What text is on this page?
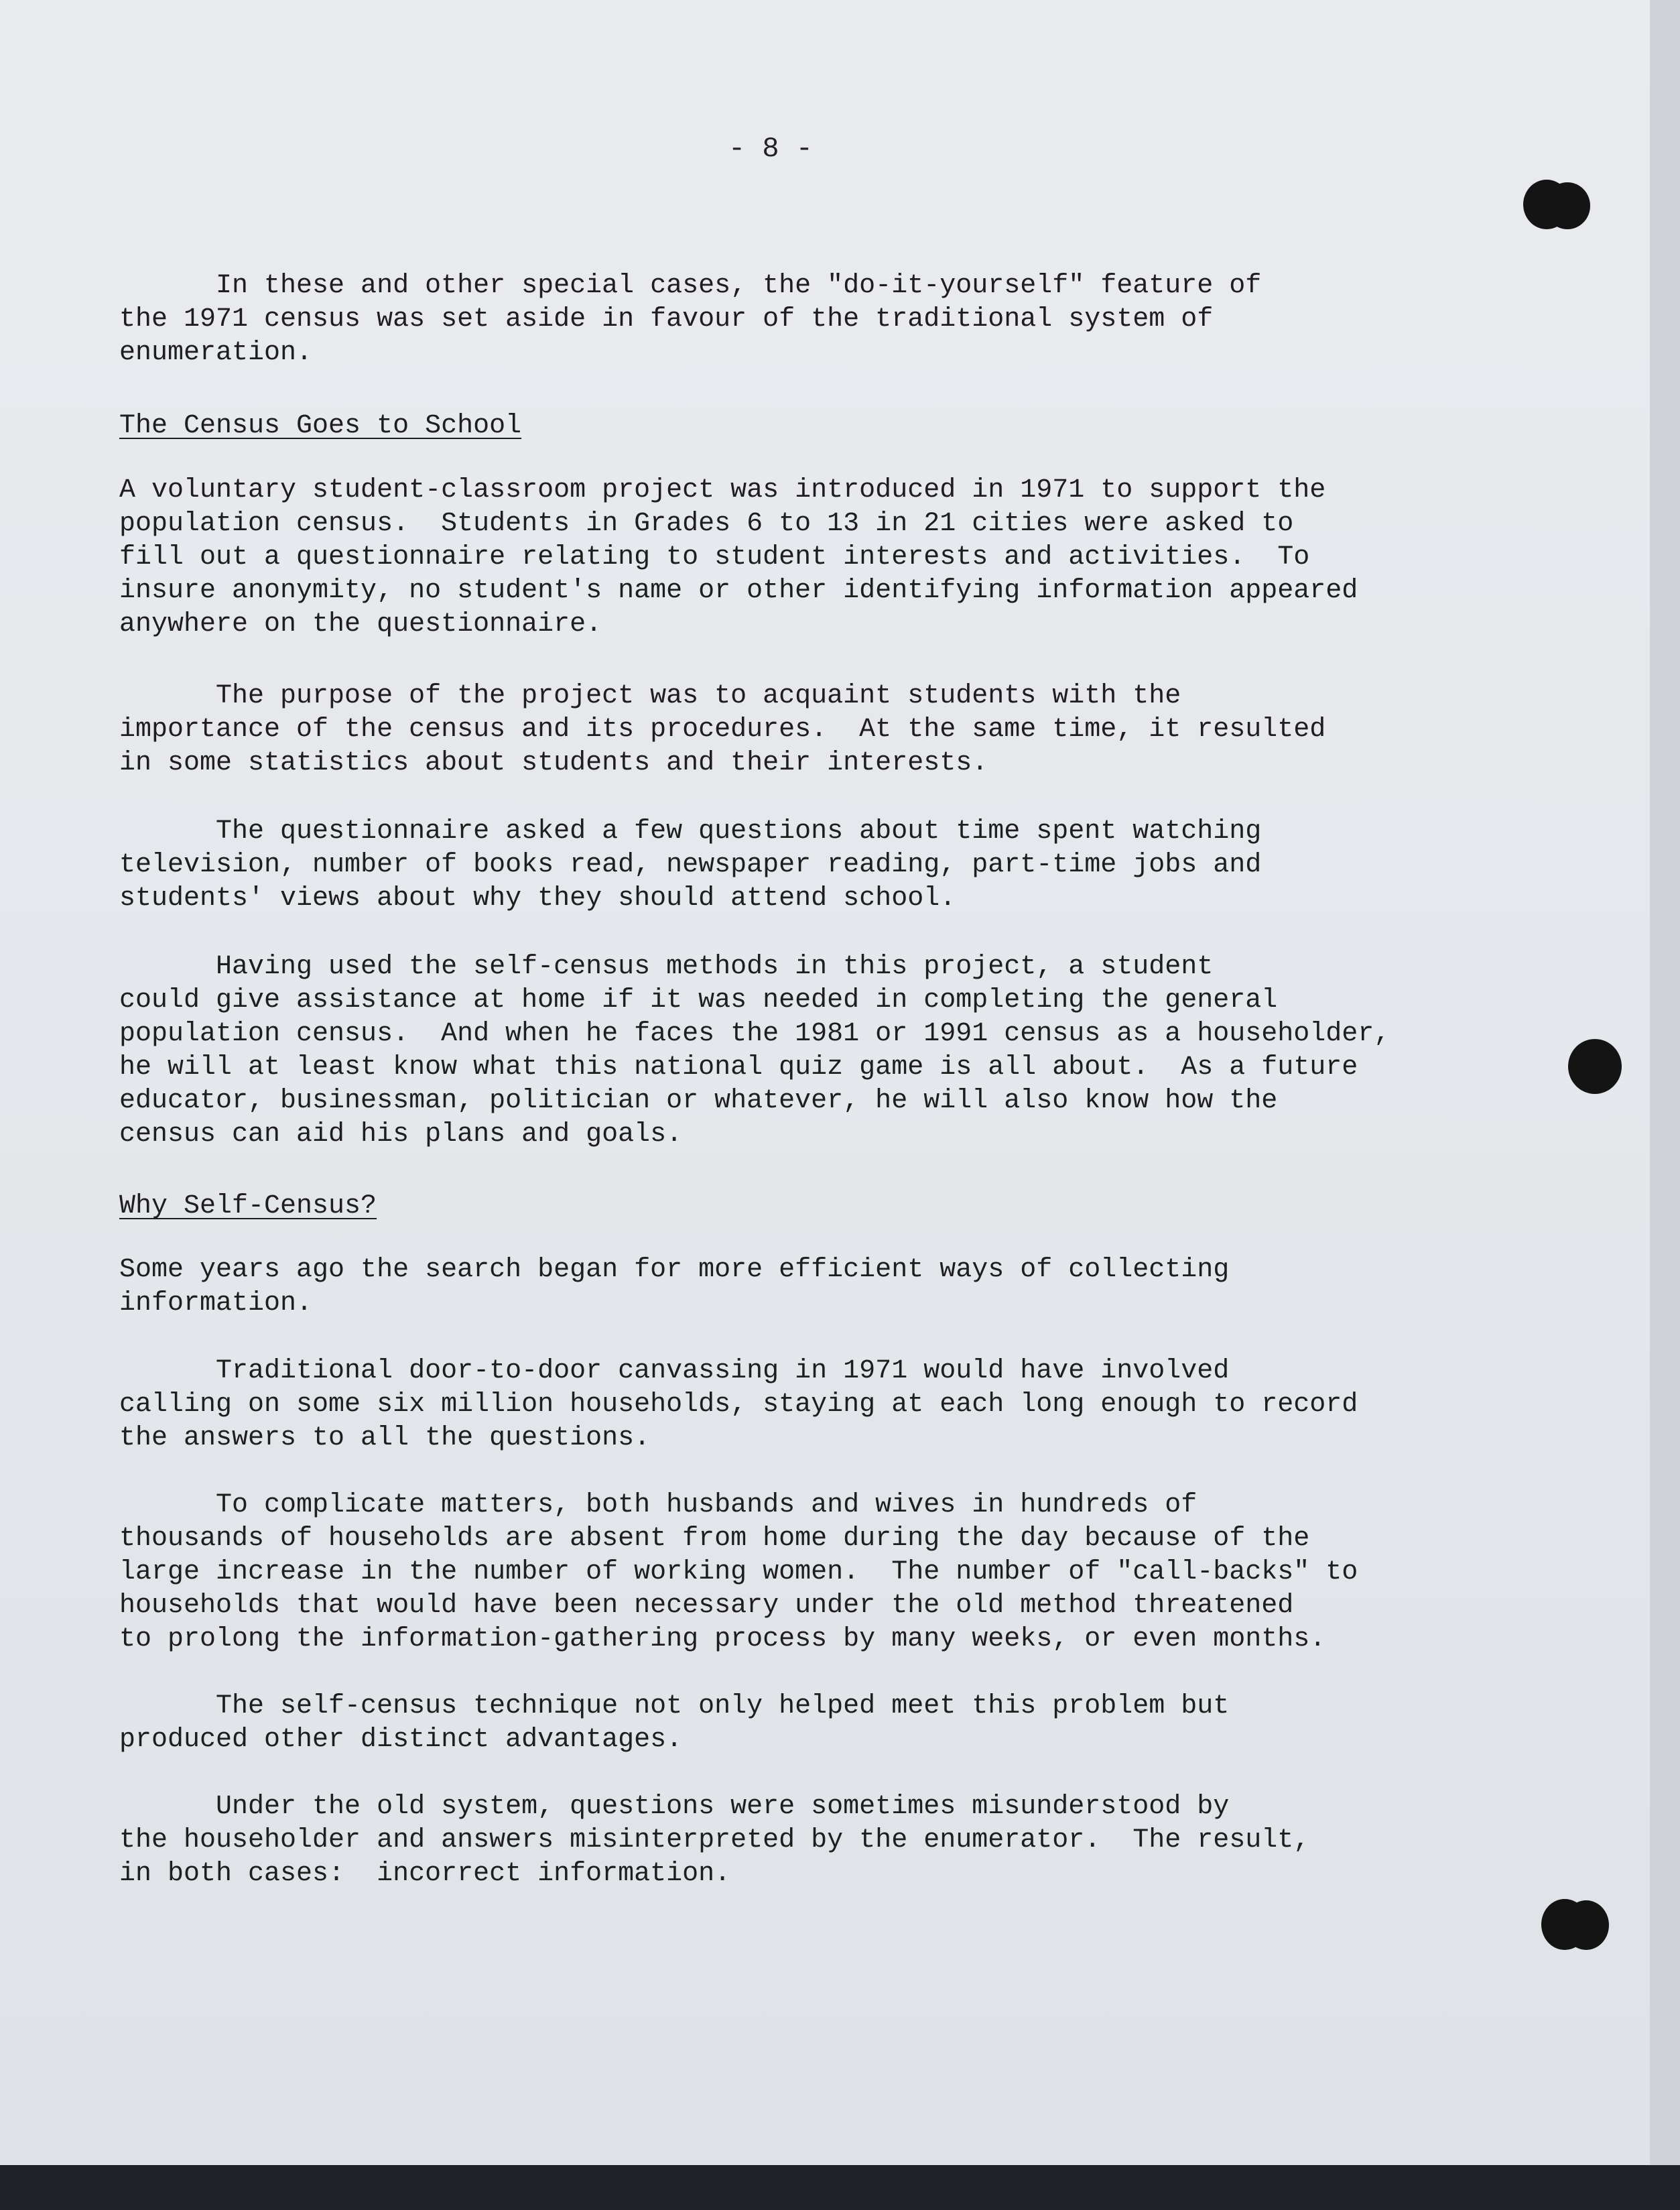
- 8 -

In these and other special cases, the "do-it-yourself" feature of
the 1971 census was set aside in favour of the traditional system of
enumeration.

The Census Goes to School

A voluntary student-classroom project was introduced in 1971 to support the
population census.  Students in Grades 6 to 13 in 21 cities were asked to
fill out a questionnaire relating to student interests and activities.  To
insure anonymity, no student's name or other identifying information appeared
anywhere on the questionnaire.

The purpose of the project was to acquaint students with the
importance of the census and its procedures.  At the same time, it resulted
in some statistics about students and their interests.

The questionnaire asked a few questions about time spent watching
television, number of books read, newspaper reading, part-time jobs and
students' views about why they should attend school.

Having used the self-census methods in this project, a student
could give assistance at home if it was needed in completing the general
population census.  And when he faces the 1981 or 1991 census as a householder,
he will at least know what this national quiz game is all about.  As a future
educator, businessman, politician or whatever, he will also know how the
census can aid his plans and goals.

Why Self-Census?

Some years ago the search began for more efficient ways of collecting
information.

Traditional door-to-door canvassing in 1971 would have involved
calling on some six million households, staying at each long enough to record
the answers to all the questions.

To complicate matters, both husbands and wives in hundreds of
thousands of households are absent from home during the day because of the
large increase in the number of working women.  The number of "call-backs" to
households that would have been necessary under the old method threatened
to prolong the information-gathering process by many weeks, or even months.

The self-census technique not only helped meet this problem but
produced other distinct advantages.

Under the old system, questions were sometimes misunderstood by
the householder and answers misinterpreted by the enumerator.  The result,
in both cases:  incorrect information.
